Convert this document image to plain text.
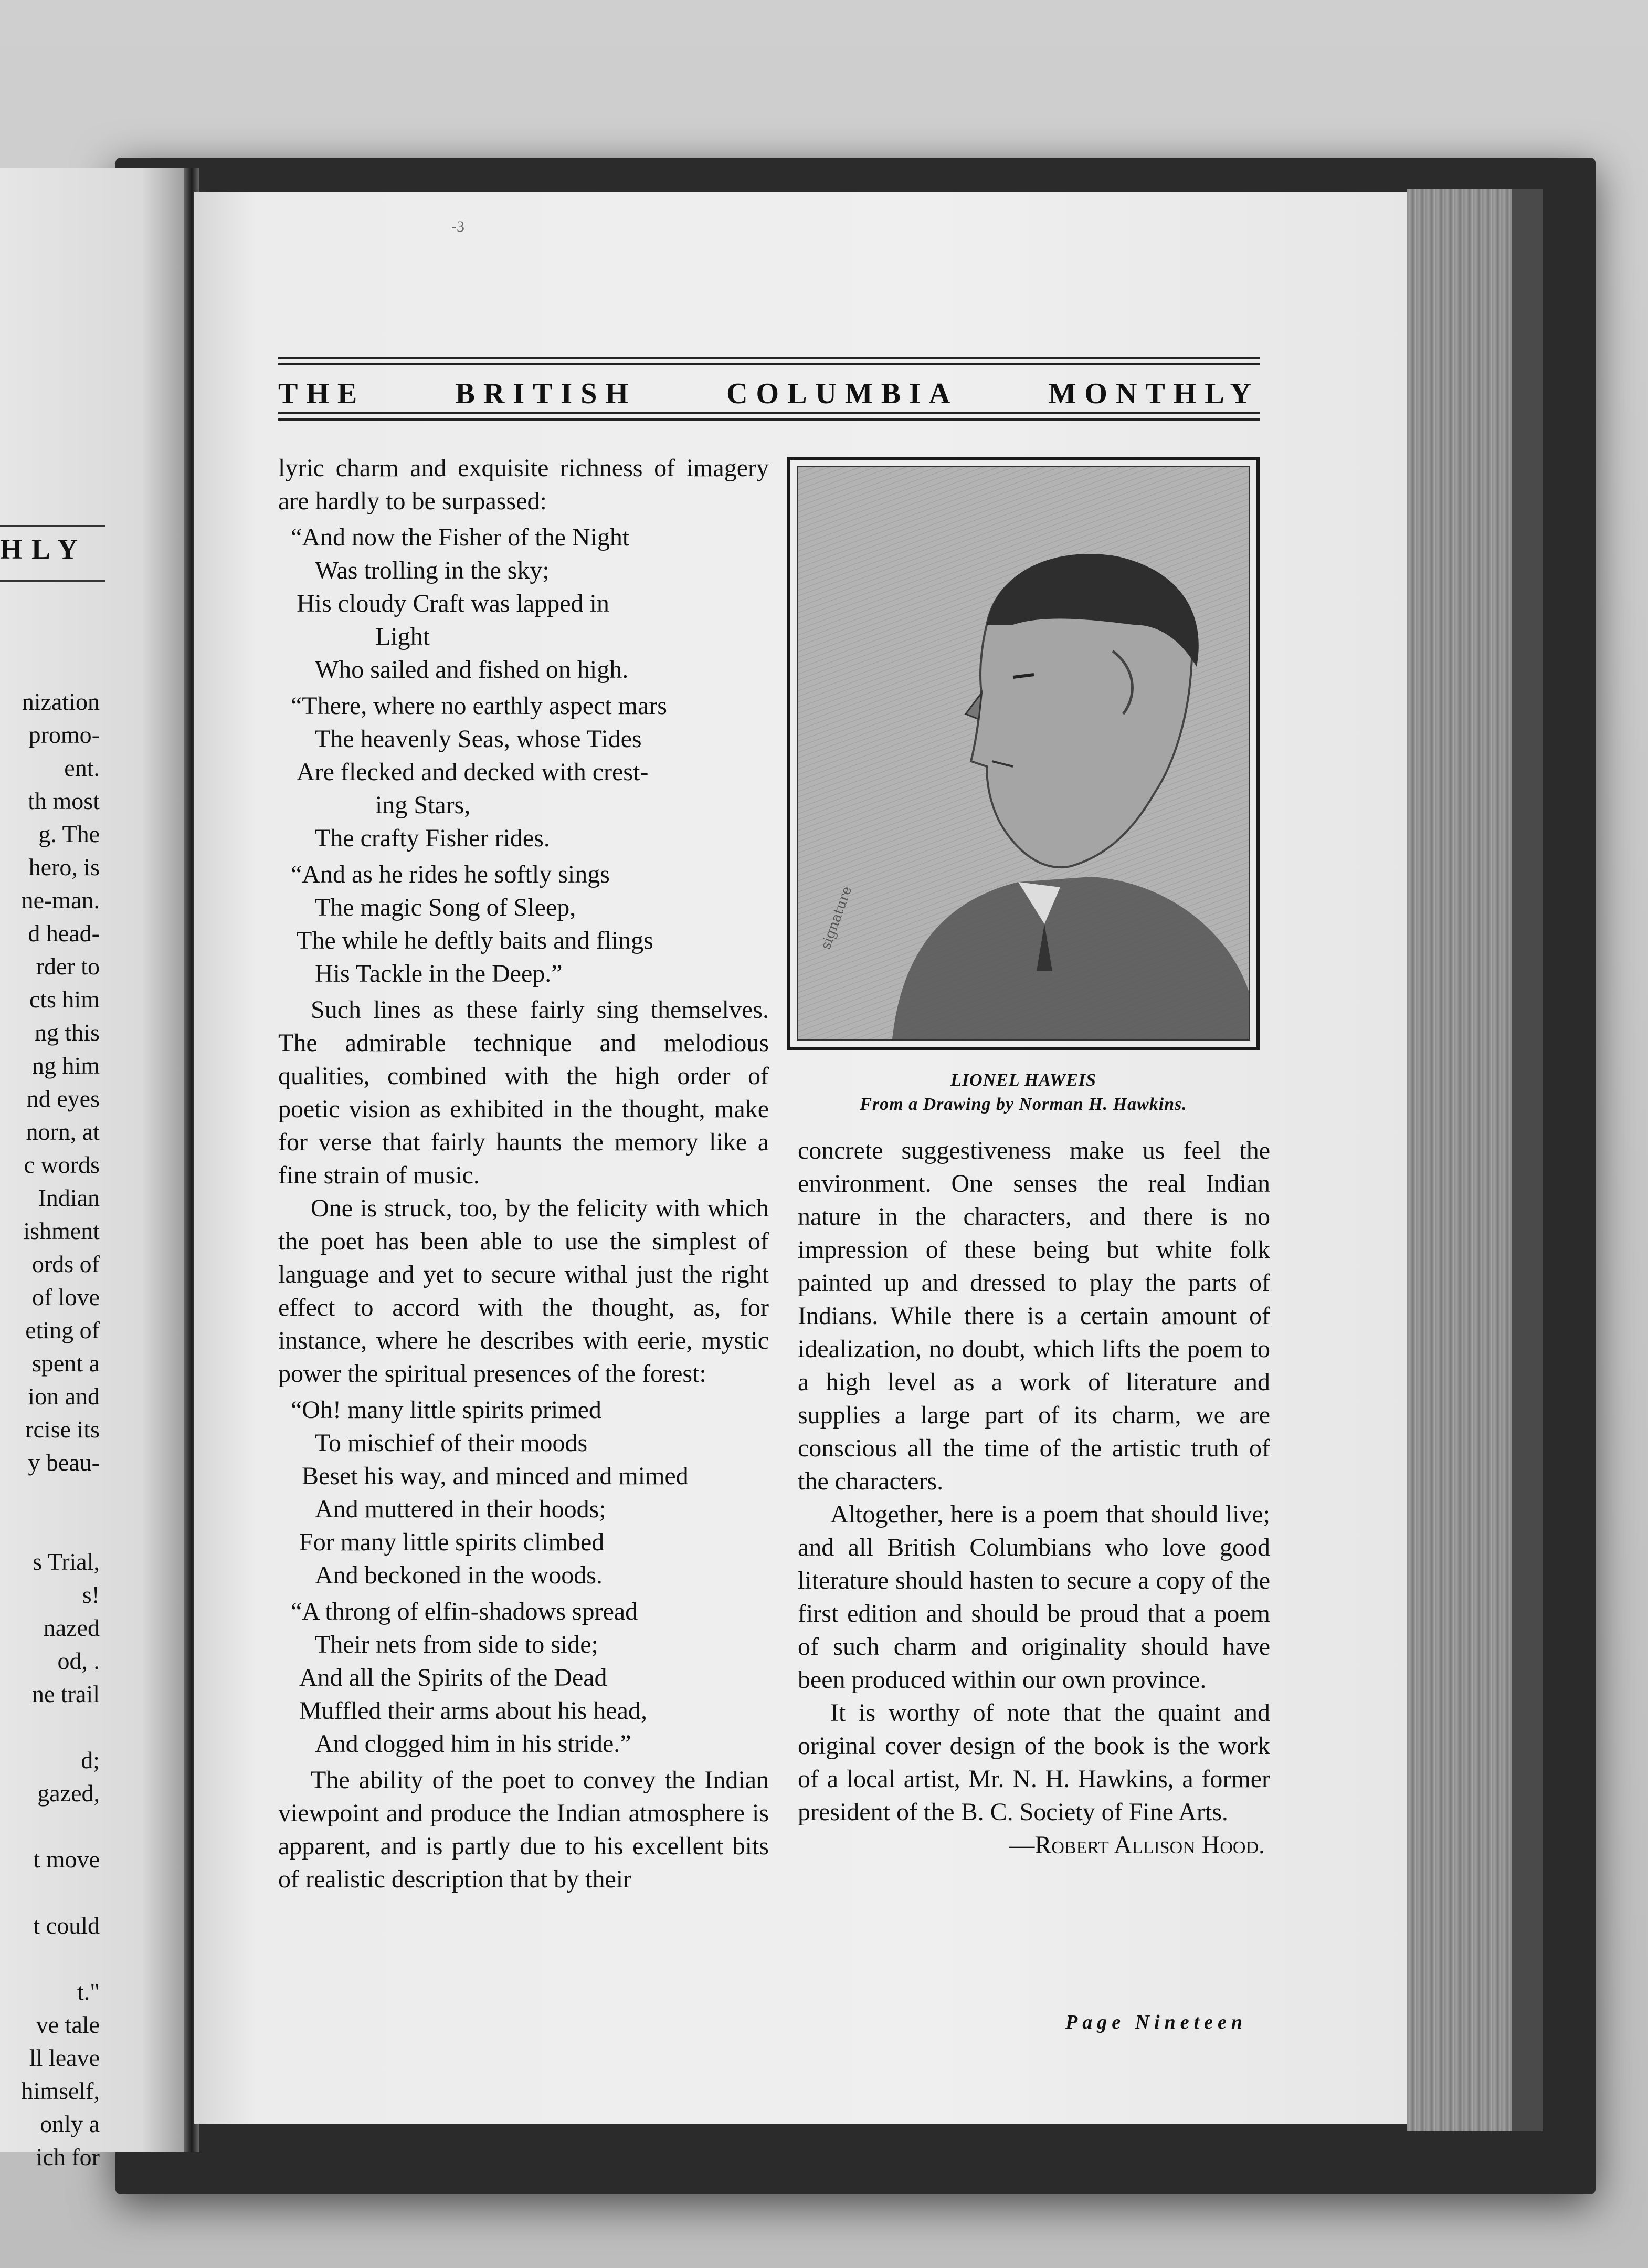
HLY
nization
promo-
ent.
th most
g. The
hero, is
ne-man.
d head-
rder to
cts him
ng this
ng him
nd eyes
norn, at
c words
Indian
ishment
ords of
of love
eting of
spent a
ion and
rcise its
y beau-
s Trial,
s!
nazed
od, .
ne trail
d;
gazed,
t move
t could
t."
ve tale
ll leave
himself,
only a
ich for
-3
THE	BRITISH	COLUMBIA	MONTHLY

lyric charm and exquisite richness of imagery are hardly to be surpassed:

“And now the Fisher of the Night
Was trolling in the sky;
His cloudy Craft was lapped in
Light
Who sailed and fished on high.
“There, where no earthly aspect mars
The heavenly Seas, whose Tides
Are flecked and decked with crest-
ing Stars,
The crafty Fisher rides.
“And as he rides he softly sings
The magic Song of Sleep,
The while he deftly baits and flings
His Tackle in the Deep.”

Such lines as these fairly sing themselves. The admirable technique and melodious qualities, combined with the high order of poetic vision as exhibited in the thought, make for verse that fairly haunts the memory like a fine strain of music.

One is struck, too, by the felicity with which the poet has been able to use the simplest of language and yet to secure withal just the right effect to accord with the thought, as, for instance, where he describes with eerie, mystic power the spiritual presences of the forest:

“Oh! many little spirits primed
To mischief of their moods
Beset his way, and minced and mimed
And muttered in their hoods;
For many little spirits climbed
And beckoned in the woods.
“A throng of elfin-shadows spread
Their nets from side to side;
And all the Spirits of the Dead
Muffled their arms about his head,
And clogged him in his stride.”

The ability of the poet to convey the Indian viewpoint and produce the Indian atmosphere is apparent, and is partly due to his excellent bits of realistic description that by their

signature
LIONEL HAWEIS
From a Drawing by Norman H. Hawkins.

concrete suggestiveness make us feel the environment. One senses the real Indian nature in the characters, and there is no impression of these being but white folk painted up and dressed to play the parts of Indians. While there is a certain amount of idealization, no doubt, which lifts the poem to a high level as a work of literature and supplies a large part of its charm, we are conscious all the time of the artistic truth of the characters.

Altogether, here is a poem that should live; and all British Columbians who love good literature should hasten to secure a copy of the first edition and should be proud that a poem of such charm and originality should have been produced within our own province.

It is worthy of note that the quaint and original cover design of the book is the work of a local artist, Mr. N. H. Hawkins, a former president of the B. C. Society of Fine Arts.

—Robert Allison Hood.
Page Nineteen
